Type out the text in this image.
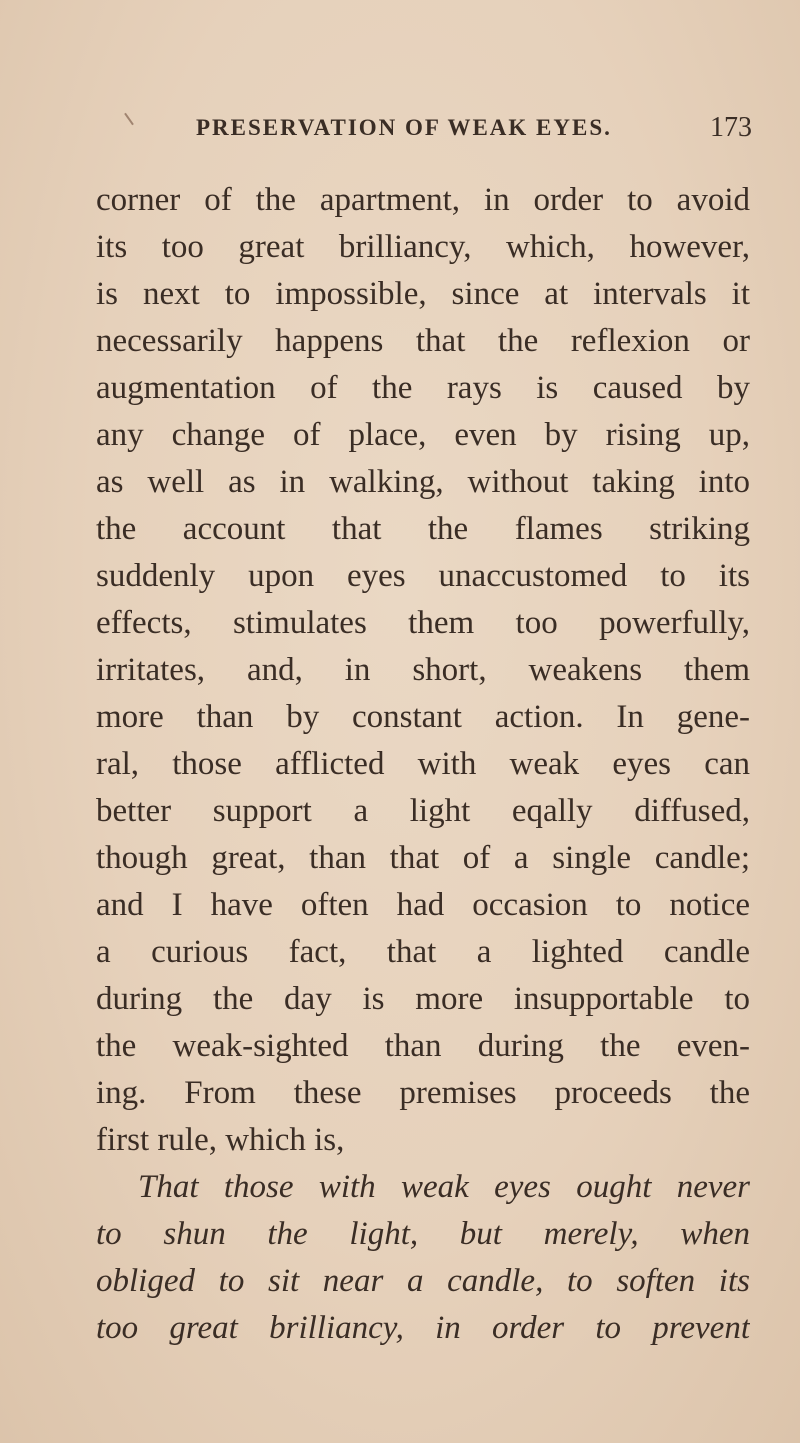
PRESERVATION OF WEAK EYES.	173
corner of the apartment, in order to avoid
its too great brilliancy, which, however,
is next to impossible, since at intervals it
necessarily happens that the reflexion or
augmentation of the rays is caused by
any change of place, even by rising up,
as well as in walking, without taking into
the account that the flames striking
suddenly upon eyes unaccustomed to its
effects, stimulates them too powerfully,
irritates, and, in short, weakens them
more than by constant action. In gene-
ral, those afflicted with weak eyes can
better support a light eqally diffused,
though great, than that of a single candle;
and I have often had occasion to notice
a curious fact, that a lighted candle
during the day is more insupportable to
the weak-sighted than during the even-
ing. From these premises proceeds the
first rule, which is,
That those with weak eyes ought never
to shun the light, but merely, when
obliged to sit near a candle, to soften its
too great brilliancy, in order to prevent
